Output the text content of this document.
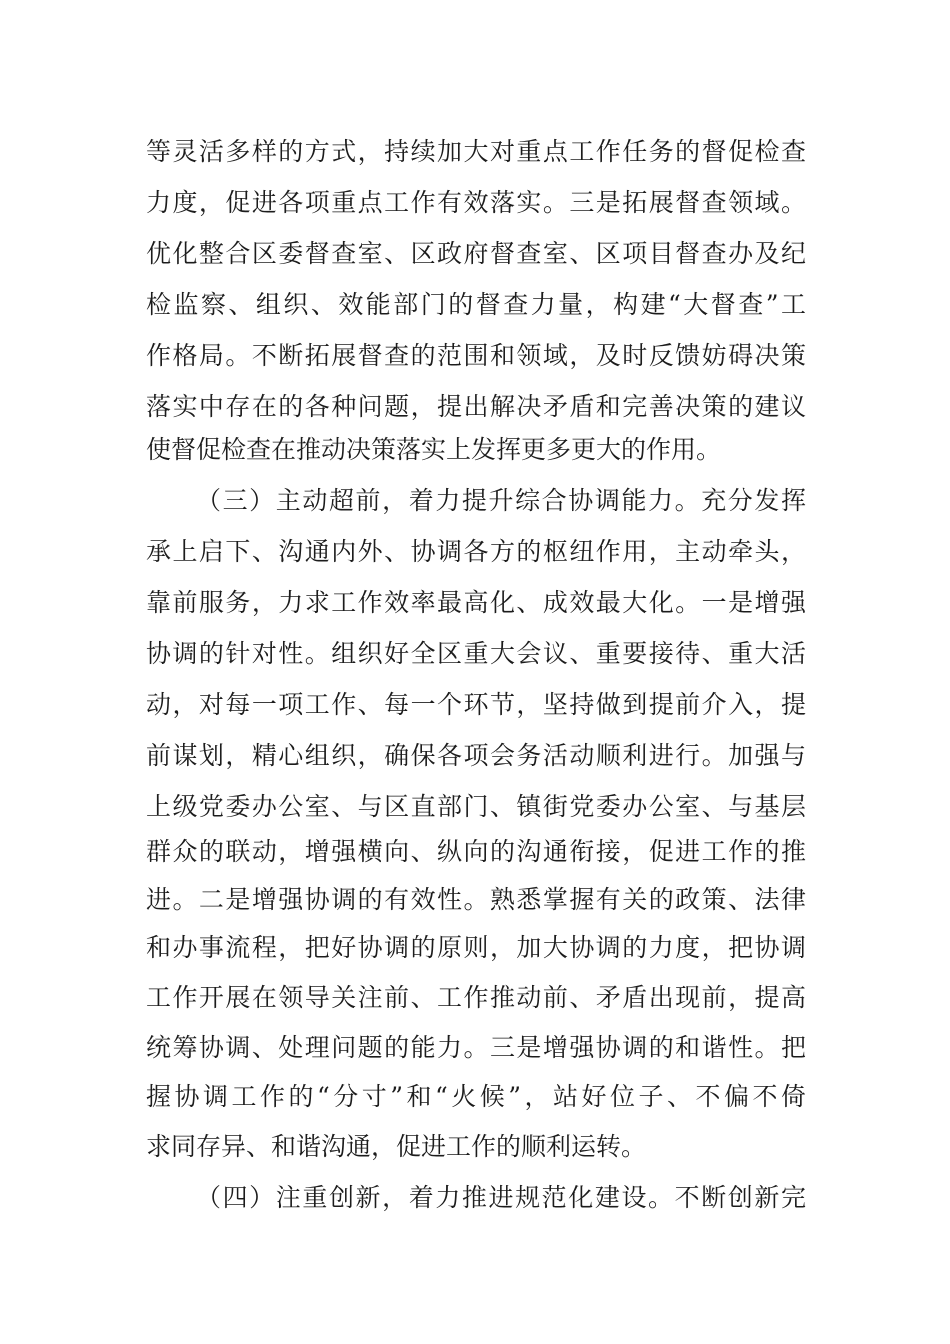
等灵活多样的方式，持续加大对重点工作任务的督促检查
力度，促进各项重点工作有效落实。三是拓展督查领域。
优化整合区委督查室、区政府督查室、区项目督查办及纪
检监察、组织、效能部门的督查力量，构建“大督查”工
作格局。不断拓展督查的范围和领域，及时反馈妨碍决策
落实中存在的各种问题，提出解决矛盾和完善决策的建议
使督促检查在推动决策落实上发挥更多更大的作用。
（三）主动超前，着力提升综合协调能力。充分发挥
承上启下、沟通内外、协调各方的枢纽作用，主动牵头，
靠前服务，力求工作效率最高化、成效最大化。一是增强
协调的针对性。组织好全区重大会议、重要接待、重大活
动，对每一项工作、每一个环节，坚持做到提前介入，提
前谋划，精心组织，确保各项会务活动顺利进行。加强与
上级党委办公室、与区直部门、镇街党委办公室、与基层
群众的联动，增强横向、纵向的沟通衔接，促进工作的推
进。二是增强协调的有效性。熟悉掌握有关的政策、法律
和办事流程，把好协调的原则，加大协调的力度，把协调
工作开展在领导关注前、工作推动前、矛盾出现前，提高
统筹协调、处理问题的能力。三是增强协调的和谐性。把
握协调工作的“分寸”和“火候”，站好位子、不偏不倚
求同存异、和谐沟通，促进工作的顺利运转。
（四）注重创新，着力推进规范化建设。不断创新完
